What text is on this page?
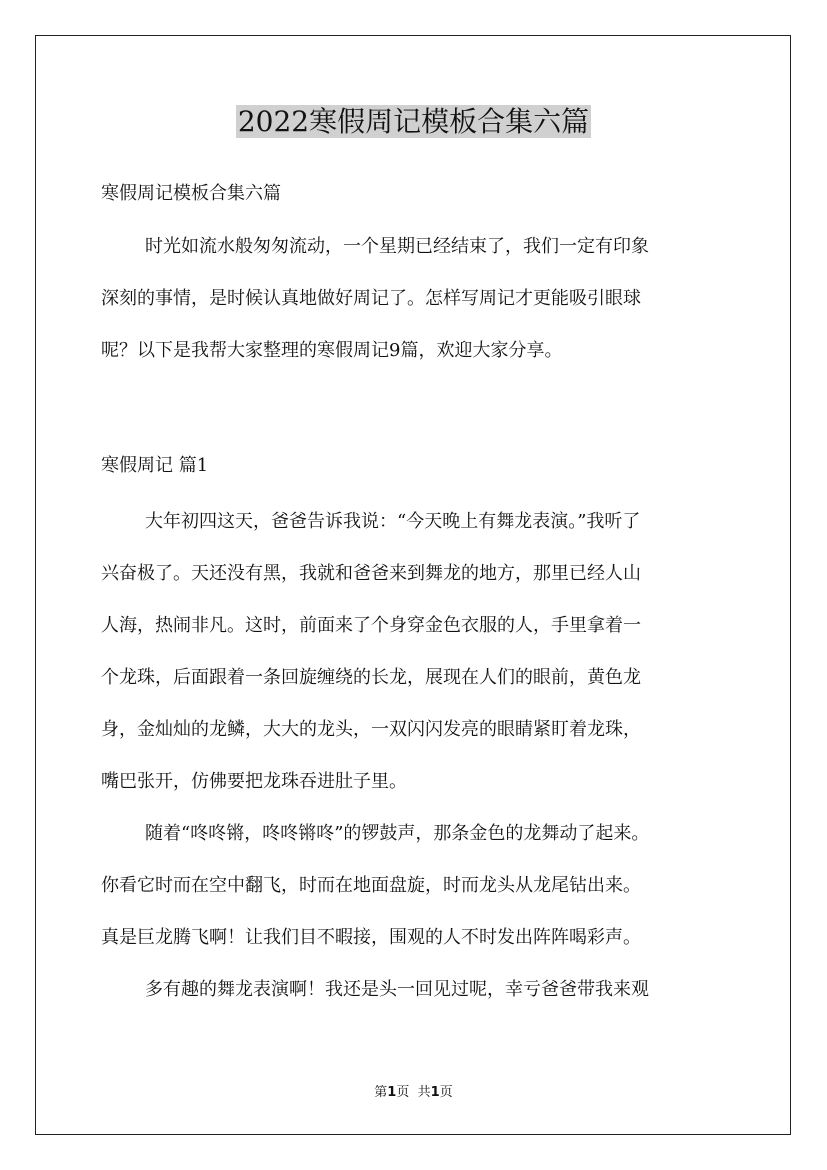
2022寒假周记模板合集六篇
寒假周记模板合集六篇
时光如流水般匆匆流动，一个星期已经结束了，我们一定有印象
深刻的事情，是时候认真地做好周记了。怎样写周记才更能吸引眼球
呢？以下是我帮大家整理的寒假周记9篇，欢迎大家分享。
寒假周记 篇1
大年初四这天，爸爸告诉我说：“今天晚上有舞龙表演。”我听了
兴奋极了。天还没有黑，我就和爸爸来到舞龙的地方，那里已经人山
人海，热闹非凡。这时，前面来了个身穿金色衣服的人，手里拿着一
个龙珠，后面跟着一条回旋缠绕的长龙，展现在人们的眼前，黄色龙
身，金灿灿的龙鳞，大大的龙头，一双闪闪发亮的眼睛紧盯着龙珠，
嘴巴张开，仿佛要把龙珠吞进肚子里。
随着“咚咚锵，咚咚锵咚”的锣鼓声，那条金色的龙舞动了起来。
你看它时而在空中翻飞，时而在地面盘旋，时而龙头从龙尾钻出来。
真是巨龙腾飞啊！让我们目不暇接，围观的人不时发出阵阵喝彩声。
多有趣的舞龙表演啊！我还是头一回见过呢，幸亏爸爸带我来观
第1页 共1页
